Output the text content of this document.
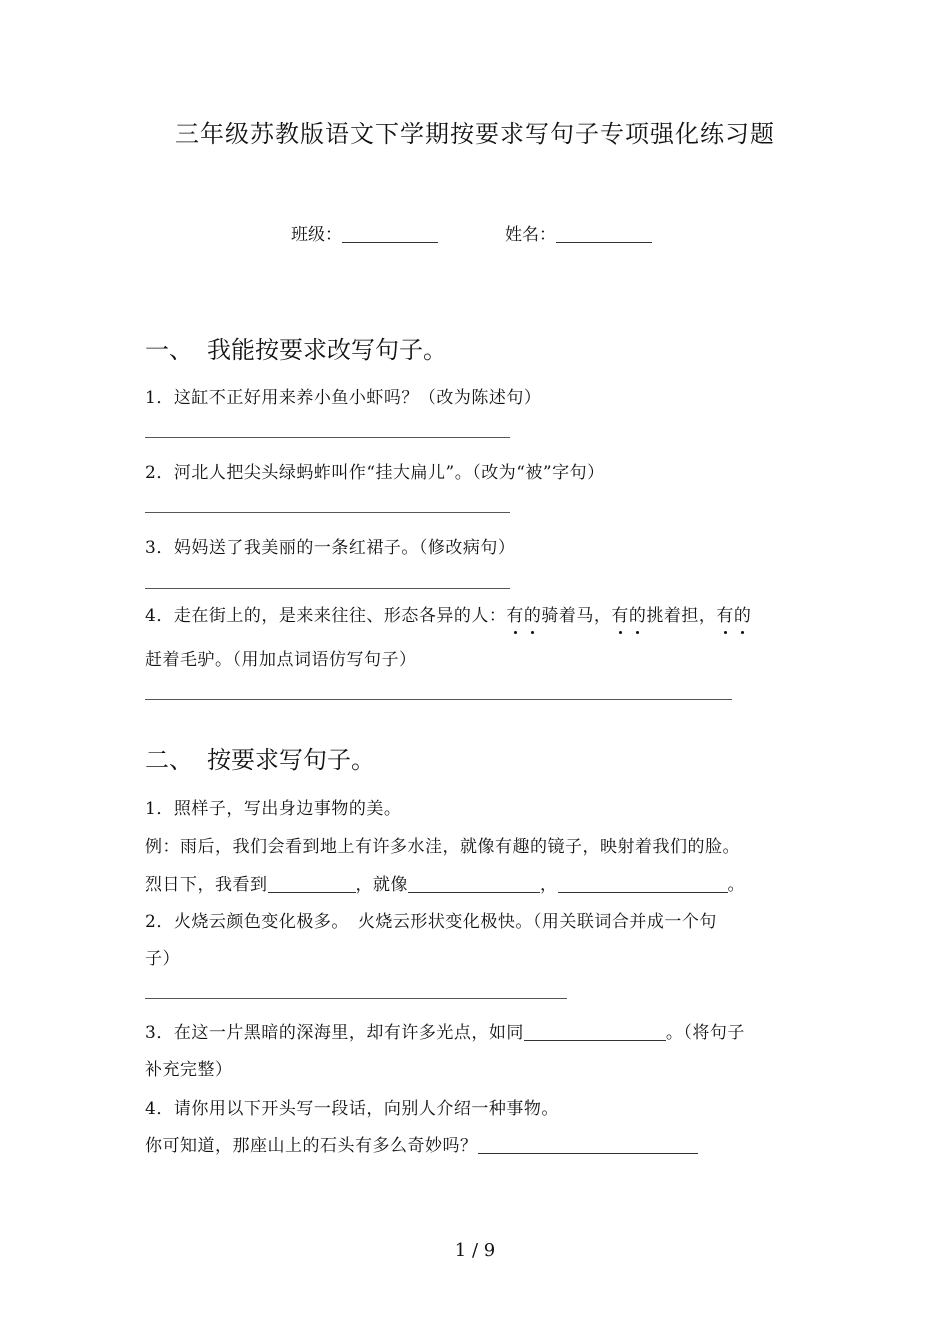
三年级苏教版语文下学期按要求写句子专项强化练习题
班级：	姓名：
一、 我能按要求改写句子。
1．这缸不正好用来养小鱼小虾吗？（改为陈述句）
2．河北人把尖头绿蚂蚱叫作“挂大扁儿”。（改为“被”字句）
3．妈妈送了我美丽的一条红裙子。（修改病句）
4．走在街上的，是来来往往、形态各异的人：有的骑着马，有的挑着担，有的
赶着毛驴。（用加点词语仿写句子）
二、 按要求写句子。
1．照样子，写出身边事物的美。
例：雨后，我们会看到地上有许多水洼，就像有趣的镜子，映射着我们的脸。
烈日下，我看到	，就像	，	。
2．火烧云颜色变化极多。　火烧云形状变化极快。（用关联词合并成一个句
子）
3．在这一片黑暗的深海里，却有许多光点，如同	。（将句子
补充完整）
4．请你用以下开头写一段话，向别人介绍一种事物。
你可知道，那座山上的石头有多么奇妙吗？
1 / 9
